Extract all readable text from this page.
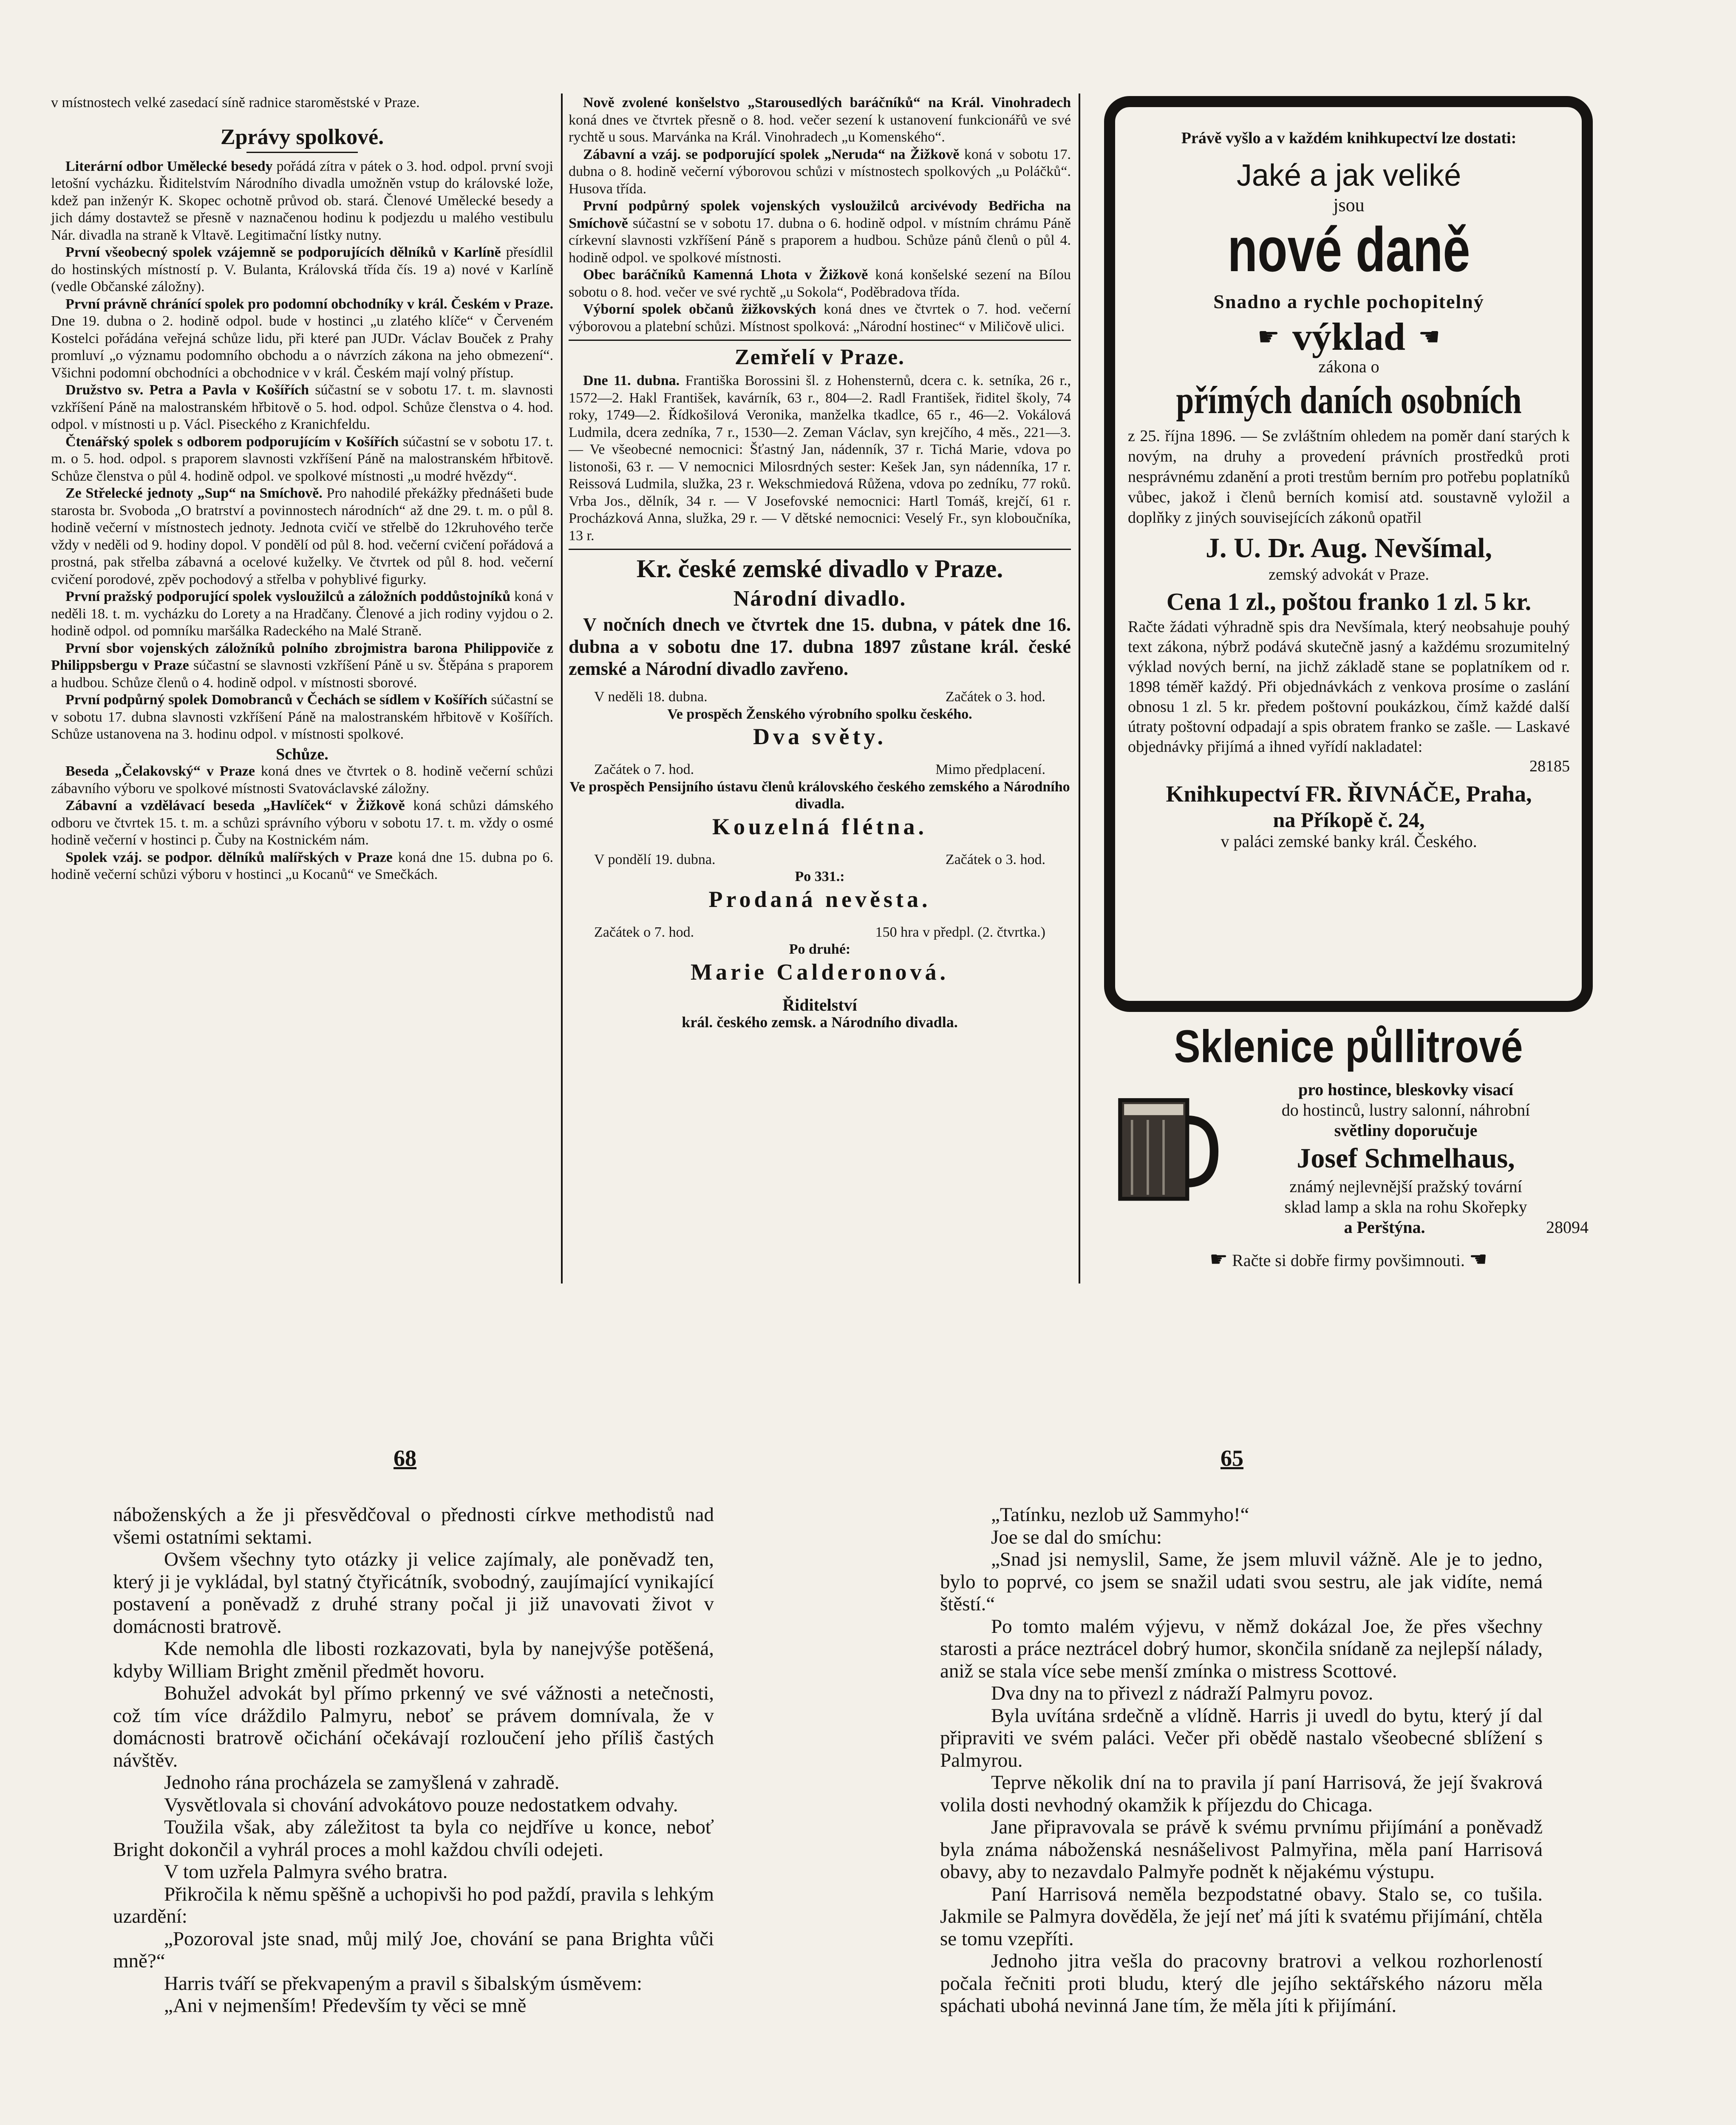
v místnostech velké zasedací síně radnice staroměstské v Praze.

Zprávy spolkové.

Literární odbor Umělecké besedy pořádá zítra v pátek o 3. hod. odpol. první svoji letošní vycházku. Řiditelstvím Národního divadla umožněn vstup do královské lože, kdež pan inženýr K. Skopec ochotně průvod ob. stará. Členové Umělecké besedy a jich dámy dostavtež se přesně v naznačenou hodinu k podjezdu u malého vestibulu Nár. divadla na straně k Vltavě. Legitimační lístky nutny.

První všeobecný spolek vzájemně se podporujících dělníků v Karlíně přesídlil do hostinských místností p. V. Bulanta, Královská třída čís. 19 a) nové v Karlíně (vedle Občanské záložny).

První právně chránící spolek pro podomní obchodníky v král. Českém v Praze. Dne 19. dubna o 2. hodině odpol. bude v hostinci „u zlatého klíče“ v Červeném Kostelci pořádána veřejná schůze lidu, při které pan JUDr. Václav Bouček z Prahy promluví „o významu podomního obchodu a o návrzích zákona na jeho obmezení“. Všichni podomní obchodníci a obchodnice v v král. Českém mají volný přístup.

Družstvo sv. Petra a Pavla v Košířích súčastní se v sobotu 17. t. m. slavnosti vzkříšení Páně na malostranském hřbitově o 5. hod. odpol. Schůze členstva o 4. hod. odpol. v místnosti u p. Václ. Piseckého z Kranichfeldu.

Čtenářský spolek s odborem podporujícím v Košířích súčastní se v sobotu 17. t. m. o 5. hod. odpol. s praporem slavnosti vzkříšení Páně na malostranském hřbitově. Schůze členstva o půl 4. hodině odpol. ve spolkové místnosti „u modré hvězdy“.

Ze Střelecké jednoty „Sup“ na Smíchově. Pro nahodilé překážky přednášeti bude starosta br. Svoboda „O bratrství a povinnostech národních“ až dne 29. t. m. o půl 8. hodině večerní v místnostech jednoty. Jednota cvičí ve střelbě do 12kruhového terče vždy v neděli od 9. hodiny dopol. V pondělí od půl 8. hod. večerní cvičení pořádová a prostná, pak střelba zábavná a ocelové kuželky. Ve čtvrtek od půl 8. hod. večerní cvičení porodové, zpěv pochodový a střelba v pohyblivé figurky.

První pražský podporující spolek vysloužilců a záložních poddůstojníků koná v neděli 18. t. m. vycházku do Lorety a na Hradčany. Členové a jich rodiny vyjdou o 2. hodině odpol. od pomníku maršálka Radeckého na Malé Straně.

První sbor vojenských záložníků polního zbrojmistra barona Philippoviče z Philippsbergu v Praze súčastní se slavnosti vzkříšení Páně u sv. Štěpána s praporem a hudbou. Schůze členů o 4. hodině odpol. v místnosti sborové.

První podpůrný spolek Domobranců v Čechách se sídlem v Košířích súčastní se v sobotu 17. dubna slavnosti vzkříšení Páně na malostranském hřbitově v Košířích. Schůze ustanovena na 3. hodinu odpol. v místnosti spolkové.

Schůze.

Beseda „Čelakovský“ v Praze koná dnes ve čtvrtek o 8. hodině večerní schůzi zábavního výboru ve spolkové místnosti Svatováclavské záložny.

Zábavní a vzdělávací beseda „Havlíček“ v Žižkově koná schůzi dámského odboru ve čtvrtek 15. t. m. a schůzi správního výboru v sobotu 17. t. m. vždy o osmé hodině večerní v hostinci p. Čuby na Kostnickém nám.

Spolek vzáj. se podpor. dělníků malířských v Praze koná dne 15. dubna po 6. hodině večerní schůzi výboru v hostinci „u Kocanů“ ve Smečkách.

Nově zvolené konšelstvo „Starousedlých baráčníků“ na Král. Vinohradech koná dnes ve čtvrtek přesně o 8. hod. večer sezení k ustanovení funkcionářů ve své rychtě u sous. Marvánka na Král. Vinohradech „u Komenského“.

Zábavní a vzáj. se podporující spolek „Neruda“ na Žižkově koná v sobotu 17. dubna o 8. hodině večerní výborovou schůzi v místnostech spolkových „u Poláčků“. Husova třída.

První podpůrný spolek vojenských vysloužilců arcivévody Bedřicha na Smíchově súčastní se v sobotu 17. dubna o 6. hodině odpol. v místním chrámu Páně církevní slavnosti vzkříšení Páně s praporem a hudbou. Schůze pánů členů o půl 4. hodině odpol. ve spolkové místnosti.

Obec baráčníků Kamenná Lhota v Žižkově koná konšelské sezení na Bílou sobotu o 8. hod. večer ve své rychtě „u Sokola“, Poděbradova třída.

Výborní spolek občanů žižkovských koná dnes ve čtvrtek o 7. hod. večerní výborovou a platební schůzi. Místnost spolková: „Národní hostinec“ v Miličově ulici.

Zemřelí v Praze.

Dne 11. dubna. Františka Borossini šl. z Hohensternů, dcera c. k. setníka, 26 r., 1572—2. Hakl František, kavárník, 63 r., 804—2. Radl František, řiditel školy, 74 roky, 1749—2. Řídkošilová Veronika, manželka tkadlce, 65 r., 46—2. Vokálová Ludmila, dcera zedníka, 7 r., 1530—2. Zeman Václav, syn krejčího, 4 měs., 221—3. — Ve všeobecné nemocnici: Šťastný Jan, nádenník, 37 r. Tichá Marie, vdova po listonoši, 63 r. — V nemocnici Milosrdných sester: Kešek Jan, syn nádenníka, 17 r. Reissová Ludmila, služka, 23 r. Wekschmiedová Růžena, vdova po zedníku, 77 roků. Vrba Jos., dělník, 34 r. — V Josefovské nemocnici: Hartl Tomáš, krejčí, 61 r. Procházková Anna, služka, 29 r. — V dětské nemocnici: Veselý Fr., syn kloboučníka, 13 r.

Kr. české zemské divadlo v Praze.
Národní divadlo.

V nočních dnech ve čtvrtek dne 15. dubna, v pátek dne 16. dubna a v sobotu dne 17. dubna 1897 zůstane král. české zemské a Národní divadlo zavřeno.

V neděli 18. dubna.	Začátek o 3. hod.
Ve prospěch Ženského výrobního spolku českého.
Dva světy.
Začátek o 7. hod.	Mimo předplacení.
Ve prospěch Pensijního ústavu členů královského českého zemského a Národního divadla.
Kouzelná flétna.
V pondělí 19. dubna.	Začátek o 3. hod.
Po 331.:
Prodaná nevěsta.
Začátek o 7. hod.	150 hra v předpl. (2. čtvrtka.)
Po druhé:
Marie Calderonová.
Řiditelství
král. českého zemsk. a Národního divadla.
Právě vyšlo a v každém knihkupectví lze dostati:
Jaké a jak veliké
jsou
nové daně
Snadno a rychle pochopitelný
☛ výklad ☚
zákona o
přímých daních osobních
z 25. října 1896. — Se zvláštním ohledem na poměr daní starých k novým, na druhy a provedení právních prostředků proti nesprávnému zdanění a proti trestům berním pro potřebu poplatníků vůbec, jakož i členů berních komisí atd. soustavně vyložil a doplňky z jiných souvisejících zákonů opatřil
J. U. Dr. Aug. Nevšímal,
zemský advokát v Praze.
Cena 1 zl., poštou franko 1 zl. 5 kr.
Račte žádati výhradně spis dra Nevšímala, který neobsahuje pouhý text zákona, nýbrž podává skutečně jasný a každému srozumitelný výklad nových berní, na jichž základě stane se poplatníkem od r. 1898 téměř každý. Při objednávkách z venkova prosíme o zaslání obnosu 1 zl. 5 kr. předem poštovní poukázkou, čímž každé další útraty poštovní odpadají a spis obratem franko se zašle. — Laskavé objednávky přijímá a ihned vyřídí nakladatel:
28185
Knihkupectví FR. ŘIVNÁČE, Praha,
na Příkopě č. 24,
v paláci zemské banky král. Českého.
Sklenice půllitrové
pro hostince, bleskovky visací
do hostinců, lustry salonní, náhrobní
světliny doporučuje
Josef Schmelhaus,
známý nejlevnější pražský tovární
sklad lamp a skla na rohu Skořepky
a Perštýna.	28094
☛ Račte si dobře firmy povšimnouti. ☚
68	65

náboženských a že ji přesvědčoval o přednosti církve methodistů nad všemi ostatními sektami.

Ovšem všechny tyto otázky ji velice zajímaly, ale poněvadž ten, který ji je vykládal, byl statný čtyřicátník, svobodný, zaujímající vynikající postavení a poněvadž z druhé strany počal ji již unavovati život v domácnosti bratrově.

Kde nemohla dle libosti rozkazovati, byla by nanejvýše potěšená, kdyby William Bright změnil předmět hovoru.

Bohužel advokát byl přímo prkenný ve své vážnosti a netečnosti, což tím více dráždilo Palmyru, neboť se právem domnívala, že v domácnosti bratrově očichání očekávají rozloučení jeho příliš častých návštěv.

Jednoho rána procházela se zamyšlená v zahradě.

Vysvětlovala si chování advokátovo pouze nedostatkem odvahy.

Toužila však, aby záležitost ta byla co nejdříve u konce, neboť Bright dokončil a vyhrál proces a mohl každou chvíli odejeti.

V tom uzřela Palmyra svého bratra.

Přikročila k němu spěšně a uchopivši ho pod paždí, pravila s lehkým uzardění:

„Pozoroval jste snad, můj milý Joe, chování se pana Brighta vůči mně?“

Harris tváří se překvapeným a pravil s šibalským úsměvem:

„Ani v nejmenším! Především ty věci se mně

„Tatínku, nezlob už Sammyho!“

Joe se dal do smíchu:

„Snad jsi nemyslil, Same, že jsem mluvil vážně. Ale je to jedno, bylo to poprvé, co jsem se snažil udati svou sestru, ale jak vidíte, nemá štěstí.“

Po tomto malém výjevu, v němž dokázal Joe, že přes všechny starosti a práce neztrácel dobrý humor, skončila snídaně za nejlepší nálady, aniž se stala více sebe menší zmínka o mistress Scottové.

Dva dny na to přivezl z nádraží Palmyru povoz.

Byla uvítána srdečně a vlídně. Harris ji uvedl do bytu, který jí dal připraviti ve svém paláci. Večer při obědě nastalo všeobecné sblížení s Palmyrou.

Teprve několik dní na to pravila jí paní Harrisová, že její švakrová volila dosti nevhodný okamžik k příjezdu do Chicaga.

Jane připravovala se právě k svému prvnímu přijímání a poněvadž byla známa náboženská nesnášelivost Palmyřina, měla paní Harrisová obavy, aby to nezavdalo Palmyře podnět k nějakému výstupu.

Paní Harrisová neměla bezpodstatné obavy. Stalo se, co tušila. Jakmile se Palmyra dověděla, že její neť má jíti k svatému přijímání, chtěla se tomu vzepříti.

Jednoho jitra vešla do pracovny bratrovi a velkou rozhorleností počala řečniti proti bludu, který dle jejího sektářského názoru měla spáchati ubohá nevinná Jane tím, že měla jíti k přijímání.
